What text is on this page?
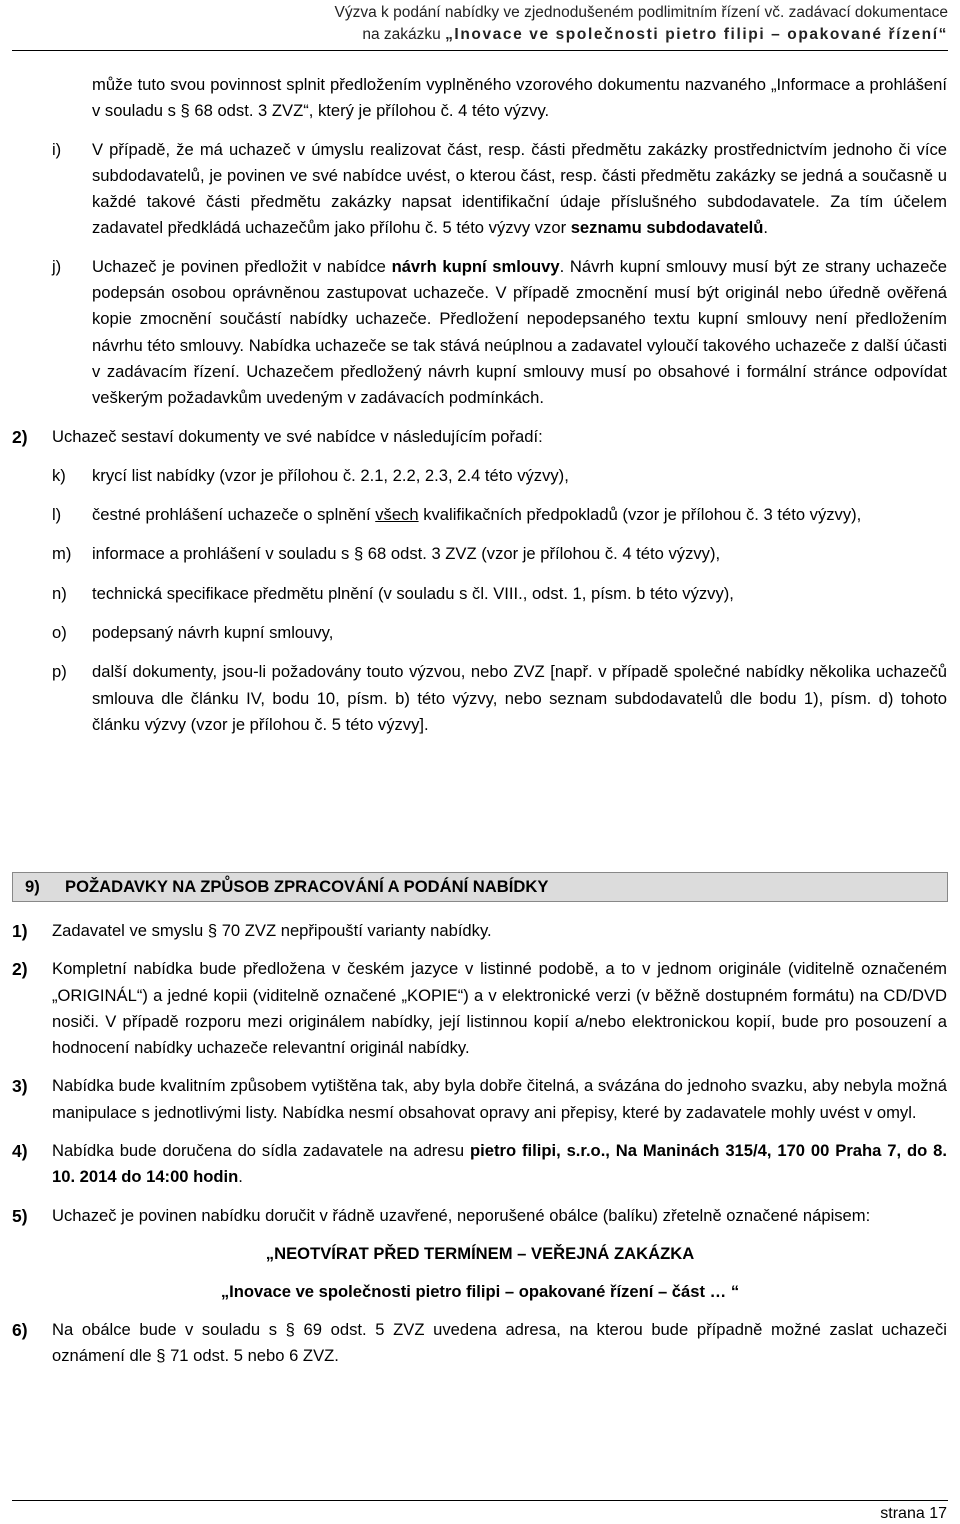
Výzva k podání nabídky ve zjednodušeném podlimitním řízení vč. zadávací dokumentace
na zakázku „Inovace ve společnosti pietro filipi – opakované řízení“

může tuto svou povinnost splnit předložením vyplněného vzorového dokumentu nazvaného „Informace a prohlášení v souladu s § 68 odst. 3 ZVZ“, který je přílohou č. 4 této výzvy.

i) V případě, že má uchazeč v úmyslu realizovat část, resp. části předmětu zakázky prostřednictvím jednoho či více subdodavatelů, je povinen ve své nabídce uvést, o kterou část, resp. části předmětu zakázky se jedná a současně u každé takové části předmětu zakázky napsat identifikační údaje příslušného subdodavatele. Za tím účelem zadavatel předkládá uchazečům jako přílohu č. 5 této výzvy vzor seznamu subdodavatelů.

j) Uchazeč je povinen předložit v nabídce návrh kupní smlouvy. Návrh kupní smlouvy musí být ze strany uchazeče podepsán osobou oprávněnou zastupovat uchazeče. V případě zmocnění musí být originál nebo úředně ověřená kopie zmocnění součástí nabídky uchazeče. Předložení nepodepsaného textu kupní smlouvy není předložením návrhu této smlouvy. Nabídka uchazeče se tak stává neúplnou a zadavatel vyloučí takového uchazeče z další účasti v zadávacím řízení. Uchazečem předložený návrh kupní smlouvy musí po obsahové i formální stránce odpovídat veškerým požadavkům uvedeným v zadávacích podmínkách.

2) Uchazeč sestaví dokumenty ve své nabídce v následujícím pořadí:

k) krycí list nabídky (vzor je přílohou č. 2.1, 2.2, 2.3, 2.4 této výzvy),

l) čestné prohlášení uchazeče o splnění všech kvalifikačních předpokladů (vzor je přílohou č. 3 této výzvy),

m) informace a prohlášení v souladu s § 68 odst. 3 ZVZ (vzor je přílohou č. 4 této výzvy),

n) technická specifikace předmětu plnění (v souladu s čl. VIII., odst. 1, písm. b této výzvy),

o) podepsaný návrh kupní smlouvy,

p) další dokumenty, jsou-li požadovány touto výzvou, nebo ZVZ [např. v případě společné nabídky několika uchazečů smlouva dle článku IV, bodu 10, písm. b) této výzvy, nebo seznam subdodavatelů dle bodu 1), písm. d) tohoto článku výzvy (vzor je přílohou č. 5 této výzvy].

9) POŽADAVKY NA ZPŮSOB ZPRACOVÁNÍ A PODÁNÍ NABÍDKY
1) Zadavatel ve smyslu § 70 ZVZ nepřipouští varianty nabídky.

2) Kompletní nabídka bude předložena v českém jazyce v listinné podobě, a to v jednom originále (viditelně označeném „ORIGINÁL“) a jedné kopii (viditelně označené „KOPIE“) a v elektronické verzi (v běžně dostupném formátu) na CD/DVD nosiči. V případě rozporu mezi originálem nabídky, její listinnou kopií a/nebo elektronickou kopií, bude pro posouzení a hodnocení nabídky uchazeče relevantní originál nabídky.

3) Nabídka bude kvalitním způsobem vytištěna tak, aby byla dobře čitelná, a svázána do jednoho svazku, aby nebyla možná manipulace s jednotlivými listy. Nabídka nesmí obsahovat opravy ani přepisy, které by zadavatele mohly uvést v omyl.

4) Nabídka bude doručena do sídla zadavatele na adresu pietro filipi, s.r.o., Na Maninách 315/4, 170 00 Praha 7, do 8. 10. 2014 do 14:00 hodin.

5) Uchazeč je povinen nabídku doručit v řádně uzavřené, neporušené obálce (balíku) zřetelně označené nápisem:

„NEOTVÍRAT PŘED TERMÍNEM – VEŘEJNÁ ZAKÁZKA

„Inovace ve společnosti pietro filipi – opakované řízení – část … “

6) Na obálce bude v souladu s § 69 odst. 5 ZVZ uvedena adresa, na kterou bude případně možné zaslat uchazeči oznámení dle § 71 odst. 5 nebo 6 ZVZ.

strana 17
